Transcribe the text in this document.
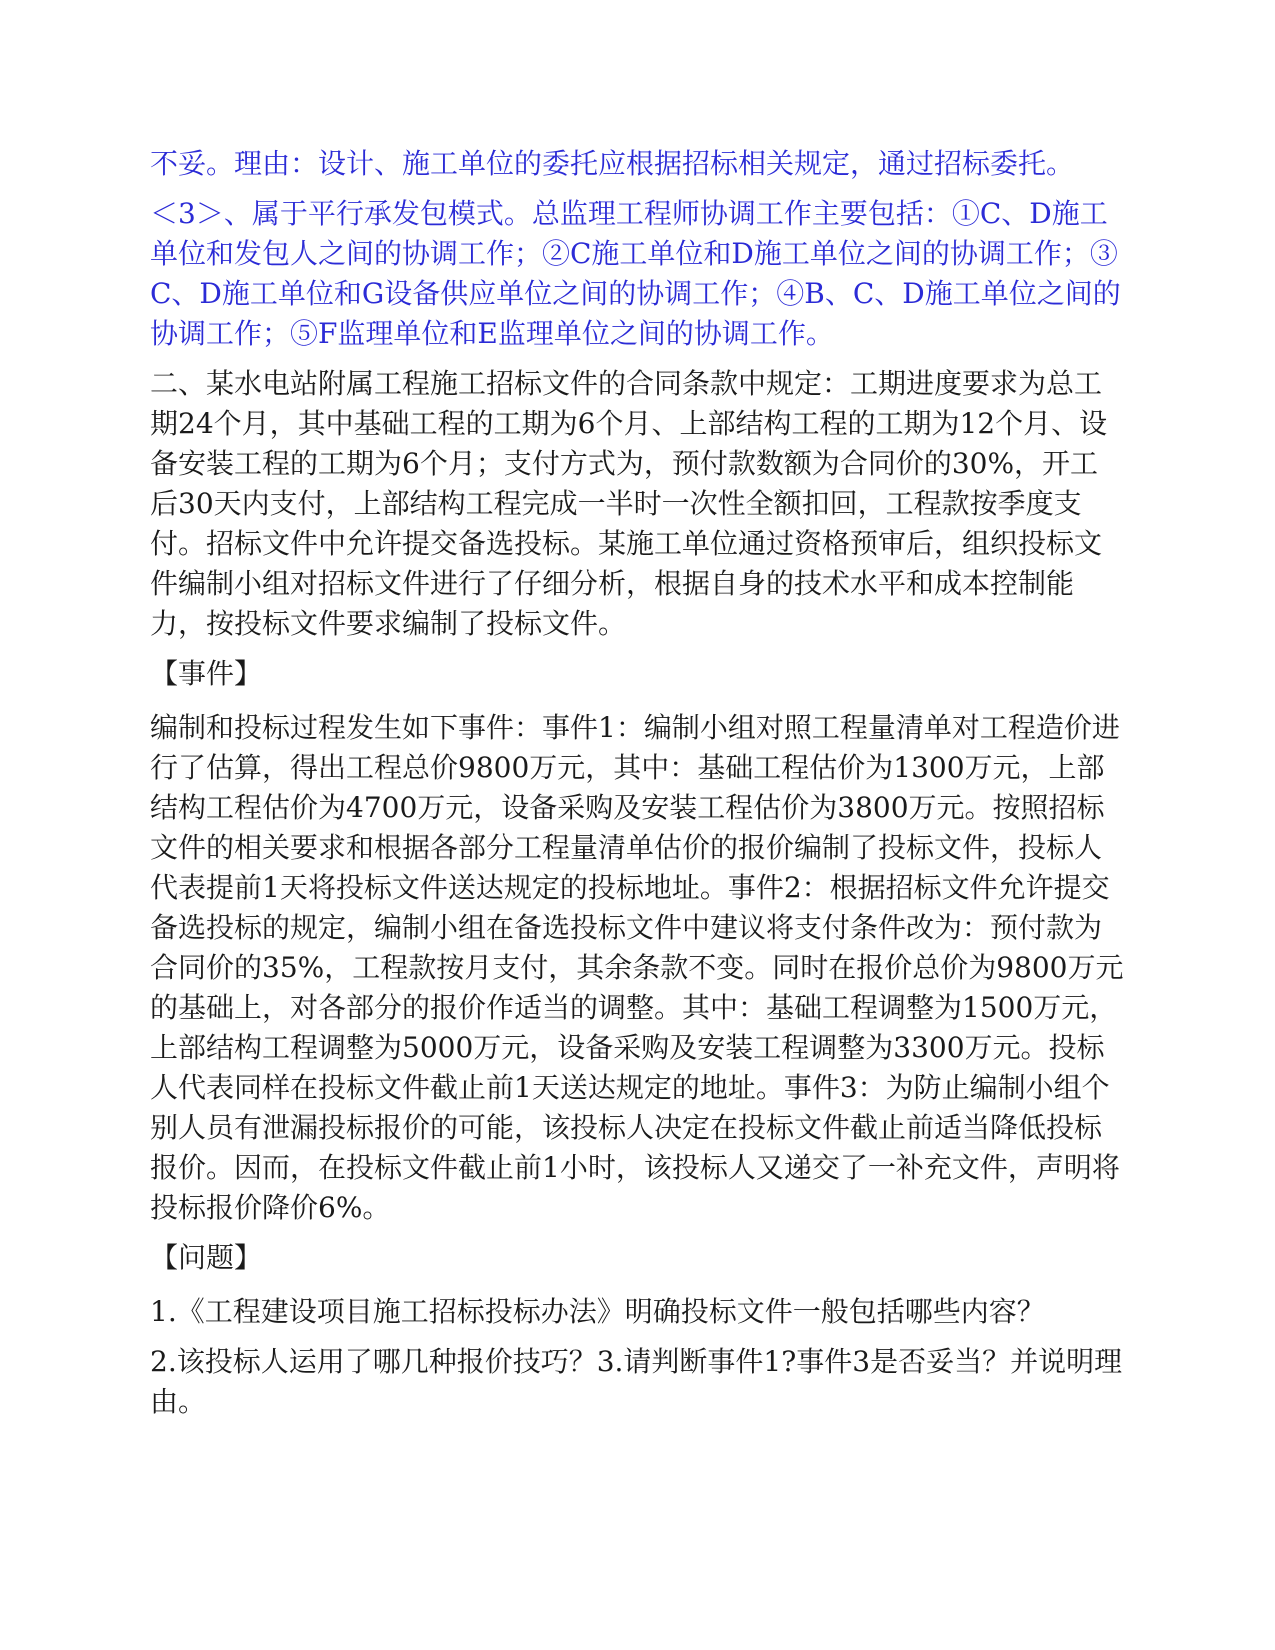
不妥。理由：设计、施工单位的委托应根据招标相关规定，通过招标委托。

＜3＞、属于平行承发包模式。总监理工程师协调工作主要包括：①C、D施工单位和发包人之间的协调工作；②C施工单位和D施工单位之间的协调工作；③C、D施工单位和G设备供应单位之间的协调工作；④B、C、D施工单位之间的协调工作；⑤F监理单位和E监理单位之间的协调工作。

二、某水电站附属工程施工招标文件的合同条款中规定：工期进度要求为总工期24个月，其中基础工程的工期为6个月、上部结构工程的工期为12个月、设备安装工程的工期为6个月；支付方式为，预付款数额为合同价的30%，开工后30天内支付，上部结构工程完成一半时一次性全额扣回，工程款按季度支付。招标文件中允许提交备选投标。某施工单位通过资格预审后，组织投标文件编制小组对招标文件进行了仔细分析，根据自身的技术水平和成本控制能力，按投标文件要求编制了投标文件。

【事件】

编制和投标过程发生如下事件：事件1：编制小组对照工程量清单对工程造价进行了估算，得出工程总价9800万元，其中：基础工程估价为1300万元，上部结构工程估价为4700万元，设备采购及安装工程估价为3800万元。按照招标文件的相关要求和根据各部分工程量清单估价的报价编制了投标文件，投标人代表提前1天将投标文件送达规定的投标地址。事件2：根据招标文件允许提交备选投标的规定，编制小组在备选投标文件中建议将支付条件改为：预付款为合同价的35%，工程款按月支付，其余条款不变。同时在报价总价为9800万元的基础上，对各部分的报价作适当的调整。其中：基础工程调整为1500万元，上部结构工程调整为5000万元，设备采购及安装工程调整为3300万元。投标人代表同样在投标文件截止前1天送达规定的地址。事件3：为防止编制小组个别人员有泄漏投标报价的可能，该投标人决定在投标文件截止前适当降低投标报价。因而，在投标文件截止前1小时，该投标人又递交了一补充文件，声明将投标报价降价6%。

【问题】

1.《工程建设项目施工招标投标办法》明确投标文件一般包括哪些内容？

2.该投标人运用了哪几种报价技巧？3.请判断事件1?事件3是否妥当？并说明理由。
